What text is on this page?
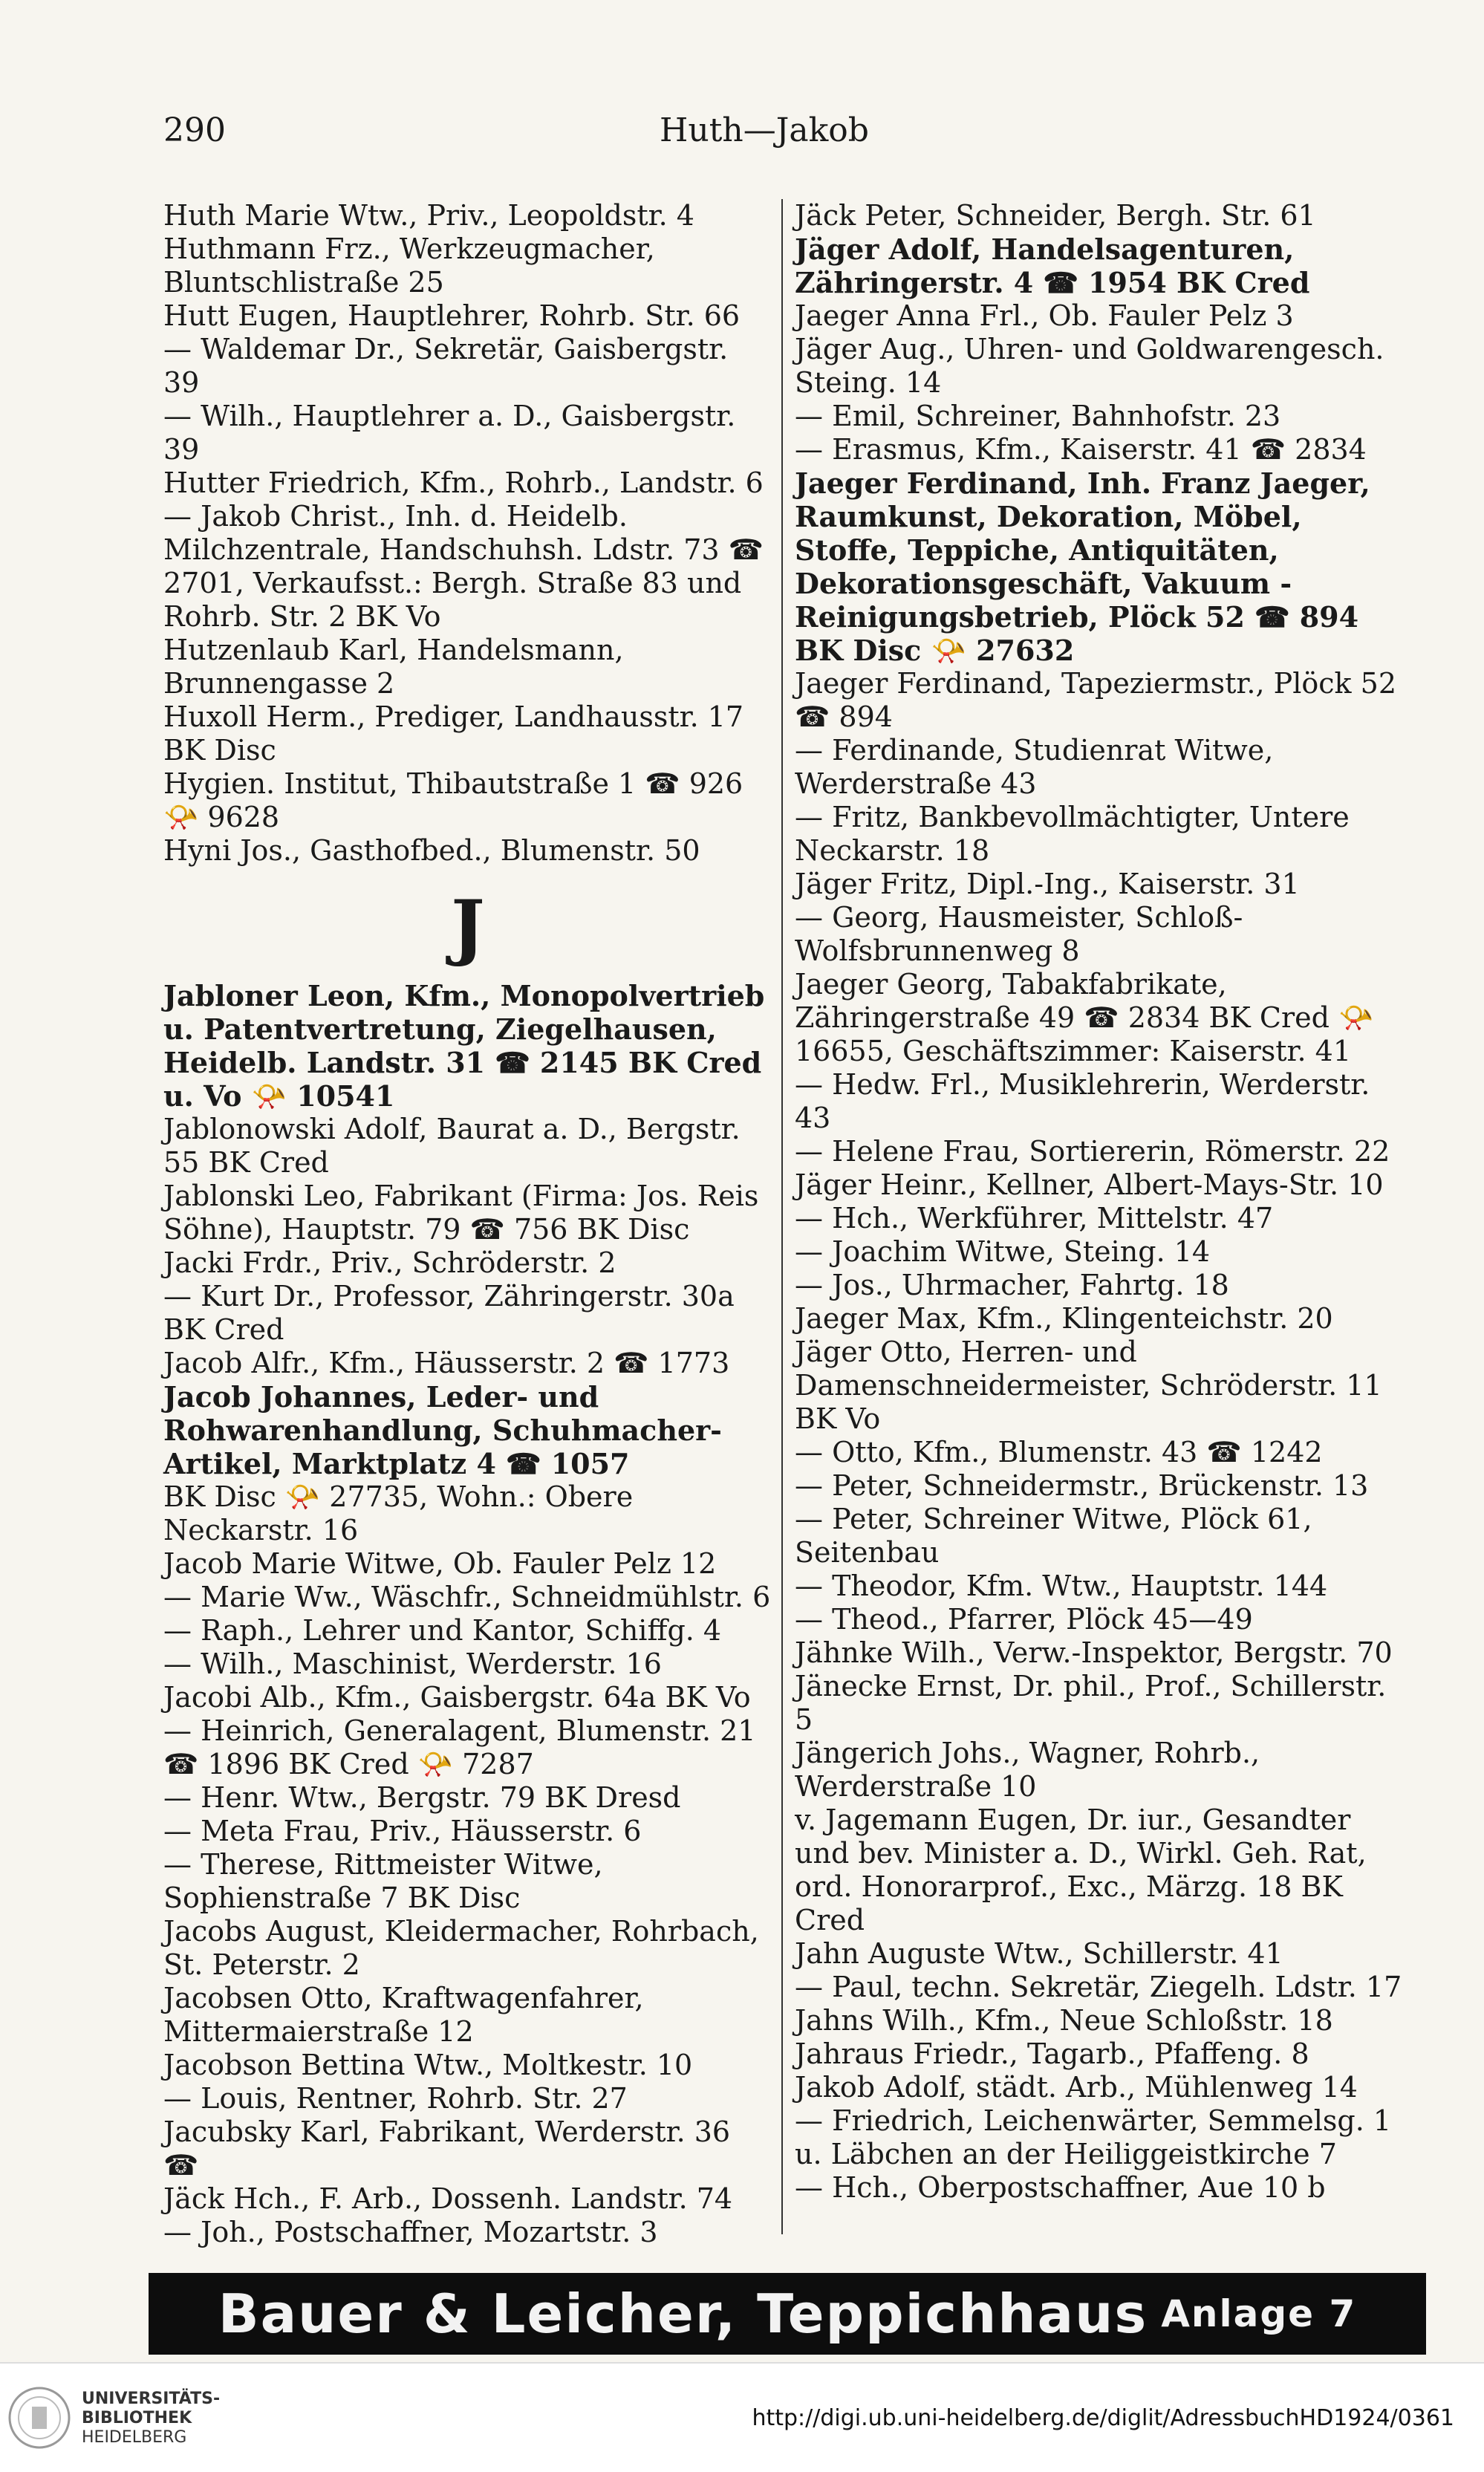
290	Huth—Jakob

Huth Marie Wtw., Priv., Leopoldstr. 4

Huthmann Frz., Werkzeugmacher, Bluntschlistraße 25

Hutt Eugen, Hauptlehrer, Rohrb. Str. 66

— Waldemar Dr., Sekretär, Gaisbergstr. 39

— Wilh., Hauptlehrer a. D., Gaisbergstr. 39

Hutter Friedrich, Kfm., Rohrb., Landstr. 6

— Jakob Christ., Inh. d. Heidelb. Milchzentrale, Handschuhsh. Ldstr. 73 ☎ 2701, Verkaufsst.: Bergh. Straße 83 und Rohrb. Str. 2 BK Vo

Hutzenlaub Karl, Handelsmann, Brunnengasse 2

Huxoll Herm., Prediger, Landhausstr. 17 BK Disc

Hygien. Institut, Thibautstraße 1 ☎ 926 📯 9628

Hyni Jos., Gasthofbed., Blumenstr. 50

J

Jabloner Leon, Kfm., Monopolvertrieb u. Patentvertretung, Ziegelhausen, Heidelb. Landstr. 31 ☎ 2145 BK Cred u. Vo 📯 10541

Jablonowski Adolf, Baurat a. D., Bergstr. 55 BK Cred

Jablonski Leo, Fabrikant (Firma: Jos. Reis Söhne), Hauptstr. 79 ☎ 756 BK Disc

Jacki Frdr., Priv., Schröderstr. 2

— Kurt Dr., Professor, Zähringerstr. 30a BK Cred

Jacob Alfr., Kfm., Häusserstr. 2 ☎ 1773

Jacob Johannes, Leder- und Rohwarenhandlung, Schuhmacher-Artikel, Marktplatz 4 ☎ 1057

BK Disc 📯 27735, Wohn.: Obere Neckarstr. 16

Jacob Marie Witwe, Ob. Fauler Pelz 12

— Marie Ww., Wäschfr., Schneidmühlstr. 6

— Raph., Lehrer und Kantor, Schiffg. 4

— Wilh., Maschinist, Werderstr. 16

Jacobi Alb., Kfm., Gaisbergstr. 64a BK Vo

— Heinrich, Generalagent, Blumenstr. 21 ☎ 1896 BK Cred 📯 7287

— Henr. Wtw., Bergstr. 79 BK Dresd

— Meta Frau, Priv., Häusserstr. 6

— Therese, Rittmeister Witwe, Sophienstraße 7 BK Disc

Jacobs August, Kleidermacher, Rohrbach, St. Peterstr. 2

Jacobsen Otto, Kraftwagenfahrer, Mittermaierstraße 12

Jacobson Bettina Wtw., Moltkestr. 10

— Louis, Rentner, Rohrb. Str. 27

Jacubsky Karl, Fabrikant, Werderstr. 36 ☎

Jäck Hch., F. Arb., Dossenh. Landstr. 74

— Joh., Postschaffner, Mozartstr. 3

Jäck Peter, Schneider, Bergh. Str. 61

Jäger Adolf, Handelsagenturen, Zähringerstr. 4 ☎ 1954 BK Cred

Jaeger Anna Frl., Ob. Fauler Pelz 3

Jäger Aug., Uhren- und Goldwarengesch. Steing. 14

— Emil, Schreiner, Bahnhofstr. 23

— Erasmus, Kfm., Kaiserstr. 41 ☎ 2834

Jaeger Ferdinand, Inh. Franz Jaeger, Raumkunst, Dekoration, Möbel, Stoffe, Teppiche, Antiquitäten, Dekorationsgeschäft, Vakuum - Reinigungsbetrieb, Plöck 52 ☎ 894 BK Disc 📯 27632

Jaeger Ferdinand, Tapeziermstr., Plöck 52 ☎ 894

— Ferdinande, Studienrat Witwe, Werderstraße 43

— Fritz, Bankbevollmächtigter, Untere Neckarstr. 18

Jäger Fritz, Dipl.-Ing., Kaiserstr. 31

— Georg, Hausmeister, Schloß-Wolfsbrunnenweg 8

Jaeger Georg, Tabakfabrikate, Zähringerstraße 49 ☎ 2834 BK Cred 📯 16655, Geschäftszimmer: Kaiserstr. 41

— Hedw. Frl., Musiklehrerin, Werderstr. 43

— Helene Frau, Sortiererin, Römerstr. 22

Jäger Heinr., Kellner, Albert-Mays-Str. 10

— Hch., Werkführer, Mittelstr. 47

— Joachim Witwe, Steing. 14

— Jos., Uhrmacher, Fahrtg. 18

Jaeger Max, Kfm., Klingenteichstr. 20

Jäger Otto, Herren- und Damenschneidermeister, Schröderstr. 11 BK Vo

— Otto, Kfm., Blumenstr. 43 ☎ 1242

— Peter, Schneidermstr., Brückenstr. 13

— Peter, Schreiner Witwe, Plöck 61, Seitenbau

— Theodor, Kfm. Wtw., Hauptstr. 144

— Theod., Pfarrer, Plöck 45—49

Jähnke Wilh., Verw.-Inspektor, Bergstr. 70

Jänecke Ernst, Dr. phil., Prof., Schillerstr. 5

Jängerich Johs., Wagner, Rohrb., Werderstraße 10

v. Jagemann Eugen, Dr. iur., Gesandter und bev. Minister a. D., Wirkl. Geh. Rat, ord. Honorarprof., Exc., Märzg. 18 BK Cred

Jahn Auguste Wtw., Schillerstr. 41

— Paul, techn. Sekretär, Ziegelh. Ldstr. 17

Jahns Wilh., Kfm., Neue Schloßstr. 18

Jahraus Friedr., Tagarb., Pfaffeng. 8

Jakob Adolf, städt. Arb., Mühlenweg 14

— Friedrich, Leichenwärter, Semmelsg. 1 u. Läbchen an der Heiliggeistkirche 7

— Hch., Oberpostschaffner, Aue 10 b

Bauer & Leicher, Teppichhaus Anlage 7
UNIVERSITÄTS-
BIBLIOTHEK
HEIDELBERG
http://digi.ub.uni-heidelberg.de/diglit/AdressbuchHD1924/0361
